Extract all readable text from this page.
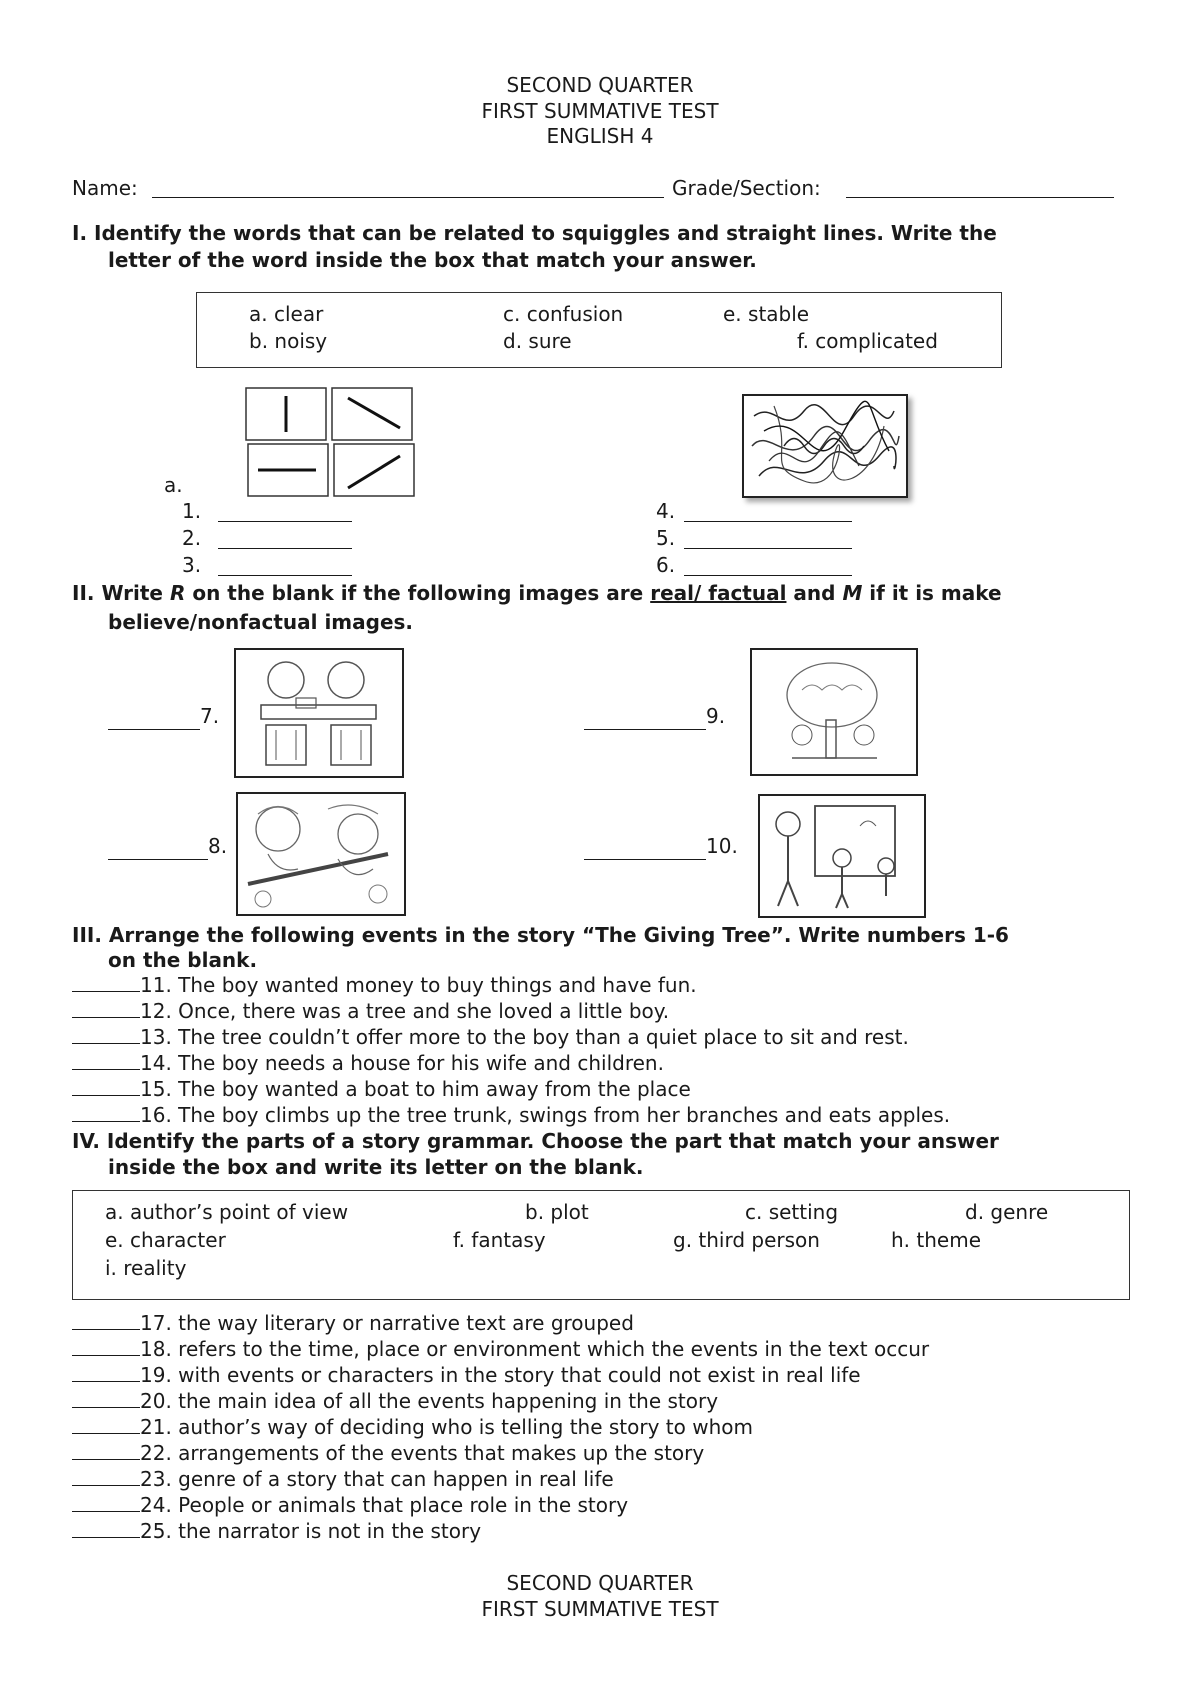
SECOND QUARTER
FIRST SUMMATIVE TEST
ENGLISH 4
Name:	Grade/Section:
I. Identify the words that can be related to squiggles and straight lines. Write the
letter of the word inside the box that match your answer.
a. clear
b. noisy
c. confusion
d. sure
e. stable
f. complicated
a.
1.
2.
3.
4.
5.
6.
II. Write R on the blank if the following images are real/ factual and M if it is make
believe/nonfactual images.
7.
8.
9.
10.
III. Arrange the following events in the story “The Giving Tree”. Write numbers 1-6
on the blank.
11. The boy wanted money to buy things and have fun.
12. Once, there was a tree and she loved a little boy.
13. The tree couldn’t offer more to the boy than a quiet place to sit and rest.
14. The boy needs a house for his wife and children.
15. The boy wanted a boat to him away from the place
16. The boy climbs up the tree trunk, swings from her branches and eats apples.
IV. Identify the parts of a story grammar. Choose the part that match your answer
inside the box and write its letter on the blank.
a. author’s point of view	b. plot	c. setting	d. genre
e. character	f. fantasy	g. third person	h. theme
i. reality
17. the way literary or narrative text are grouped
18. refers to the time, place or environment which the events in the text occur
19. with events or characters in the story that could not exist in real life
20. the main idea of all the events happening in the story
21. author’s way of deciding who is telling the story to whom
22. arrangements of the events that makes up the story
23. genre of a story that can happen in real life
24. People or animals that place role in the story
25. the narrator is not in the story
SECOND QUARTER
FIRST SUMMATIVE TEST
